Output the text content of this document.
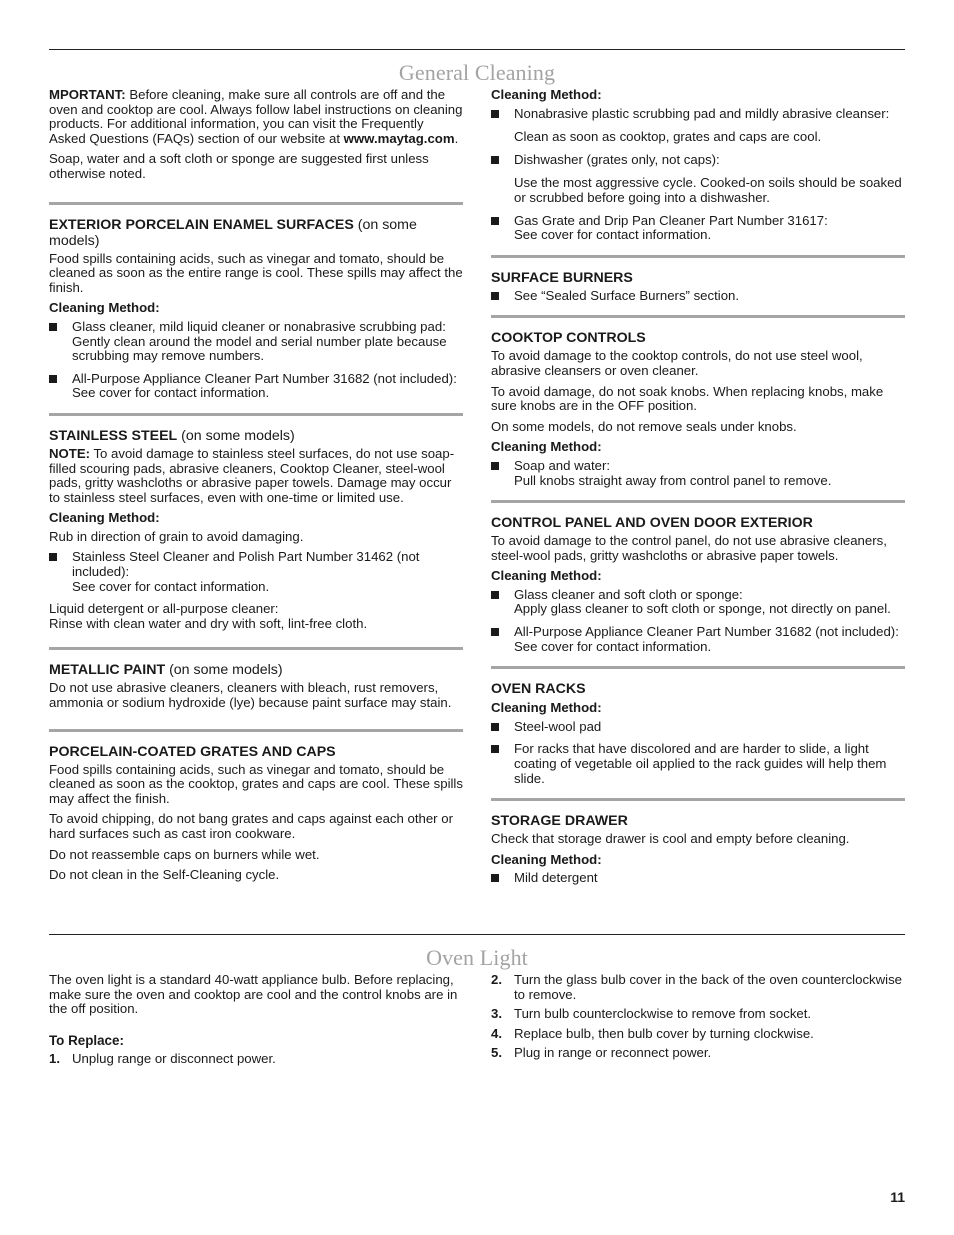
General Cleaning

MPORTANT: Before cleaning, make sure all controls are off and the oven and cooktop are cool. Always follow label instructions on cleaning products. For additional information, you can visit the Frequently Asked Questions (FAQs) section of our website at www.maytag.com.

Soap, water and a soft cloth or sponge are suggested first unless otherwise noted.

EXTERIOR PORCELAIN ENAMEL SURFACES (on some models)

Food spills containing acids, such as vinegar and tomato, should be cleaned as soon as the entire range is cool. These spills may affect the finish.

Cleaning Method:
Glass cleaner, mild liquid cleaner or nonabrasive scrubbing pad:
Gently clean around the model and serial number plate because scrubbing may remove numbers.
All-Purpose Appliance Cleaner Part Number 31682 (not included):
See cover for contact information.
STAINLESS STEEL (on some models)

NOTE: To avoid damage to stainless steel surfaces, do not use soap-filled scouring pads, abrasive cleaners, Cooktop Cleaner, steel-wool pads, gritty washcloths or abrasive paper towels. Damage may occur to stainless steel surfaces, even with one-time or limited use.

Cleaning Method:

Rub in direction of grain to avoid damaging.

Stainless Steel Cleaner and Polish Part Number 31462 (not included):
See cover for contact information.

Liquid detergent or all-purpose cleaner:
Rinse with clean water and dry with soft, lint-free cloth.

METALLIC PAINT (on some models)

Do not use abrasive cleaners, cleaners with bleach, rust removers, ammonia or sodium hydroxide (lye) because paint surface may stain.

PORCELAIN-COATED GRATES AND CAPS

Food spills containing acids, such as vinegar and tomato, should be cleaned as soon as the cooktop, grates and caps are cool. These spills may affect the finish.

To avoid chipping, do not bang grates and caps against each other or hard surfaces such as cast iron cookware.

Do not reassemble caps on burners while wet.

Do not clean in the Self-Cleaning cycle.

Cleaning Method:
Nonabrasive plastic scrubbing pad and mildly abrasive cleanser:
Clean as soon as cooktop, grates and caps are cool.
Dishwasher (grates only, not caps):
Use the most aggressive cycle. Cooked-on soils should be soaked or scrubbed before going into a dishwasher.
Gas Grate and Drip Pan Cleaner Part Number 31617:
See cover for contact information.
SURFACE BURNERS
See “Sealed Surface Burners” section.
COOKTOP CONTROLS

To avoid damage to the cooktop controls, do not use steel wool, abrasive cleansers or oven cleaner.

To avoid damage, do not soak knobs. When replacing knobs, make sure knobs are in the OFF position.

On some models, do not remove seals under knobs.

Cleaning Method:
Soap and water:
Pull knobs straight away from control panel to remove.
CONTROL PANEL AND OVEN DOOR EXTERIOR

To avoid damage to the control panel, do not use abrasive cleaners, steel-wool pads, gritty washcloths or abrasive paper towels.

Cleaning Method:
Glass cleaner and soft cloth or sponge:
Apply glass cleaner to soft cloth or sponge, not directly on panel.
All-Purpose Appliance Cleaner Part Number 31682 (not included):
See cover for contact information.
OVEN RACKS
Cleaning Method:
Steel-wool pad
For racks that have discolored and are harder to slide, a light coating of vegetable oil applied to the rack guides will help them slide.
STORAGE DRAWER

Check that storage drawer is cool and empty before cleaning.

Cleaning Method:
Mild detergent
Oven Light

The oven light is a standard 40-watt appliance bulb. Before replacing, make sure the oven and cooktop are cool and the control knobs are in the off position.

To Replace:
1. Unplug range or disconnect power.
2. Turn the glass bulb cover in the back of the oven counterclockwise to remove.
3. Turn bulb counterclockwise to remove from socket.
4. Replace bulb, then bulb cover by turning clockwise.
5. Plug in range or reconnect power.
11
